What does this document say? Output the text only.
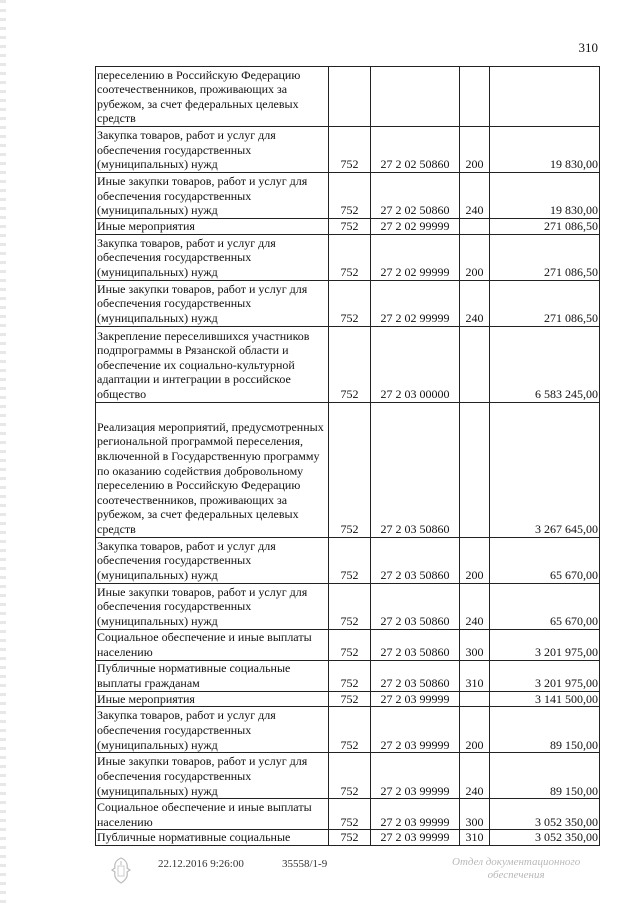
310
переселению в Российскую Федерацию соотечественников, проживающих за рубежом, за счет федеральных целевых средств				
Закупка товаров, работ и услуг для обеспечения государственных (муниципальных) нужд	752	27 2 02 50860	200	19 830,00
Иные закупки товаров, работ и услуг для обеспечения государственных (муниципальных) нужд	752	27 2 02 50860	240	19 830,00
Иные мероприятия	752	27 2 02 99999		271 086,50
Закупка товаров, работ и услуг для обеспечения государственных (муниципальных) нужд	752	27 2 02 99999	200	271 086,50
Иные закупки товаров, работ и услуг для обеспечения государственных (муниципальных) нужд	752	27 2 02 99999	240	271 086,50
Закрепление переселившихся участников подпрограммы в Рязанской области и обеспечение их социально-культурной адаптации и интеграции в российское общество	752	27 2 03 00000		6 583 245,00
Реализация мероприятий, предусмотренных региональной программой переселения, включенной в Государственную программу по оказанию содействия добровольному переселению в Российскую Федерацию соотечественников, проживающих за рубежом, за счет федеральных целевых средств	752	27 2 03 50860		3 267 645,00
Закупка товаров, работ и услуг для обеспечения государственных (муниципальных) нужд	752	27 2 03 50860	200	65 670,00
Иные закупки товаров, работ и услуг для обеспечения государственных (муниципальных) нужд	752	27 2 03 50860	240	65 670,00
Социальное обеспечение и иные выплаты населению	752	27 2 03 50860	300	3 201 975,00
Публичные нормативные социальные выплаты гражданам	752	27 2 03 50860	310	3 201 975,00
Иные мероприятия	752	27 2 03 99999		3 141 500,00
Закупка товаров, работ и услуг для обеспечения государственных (муниципальных) нужд	752	27 2 03 99999	200	89 150,00
Иные закупки товаров, работ и услуг для обеспечения государственных (муниципальных) нужд	752	27 2 03 99999	240	89 150,00
Социальное обеспечение и иные выплаты населению	752	27 2 03 99999	300	3 052 350,00
Публичные нормативные социальные	752	27 2 03 99999	310	3 052 350,00
22.12.2016 9:26:00	35558/1-9	Отдел документационного
обеспечения
